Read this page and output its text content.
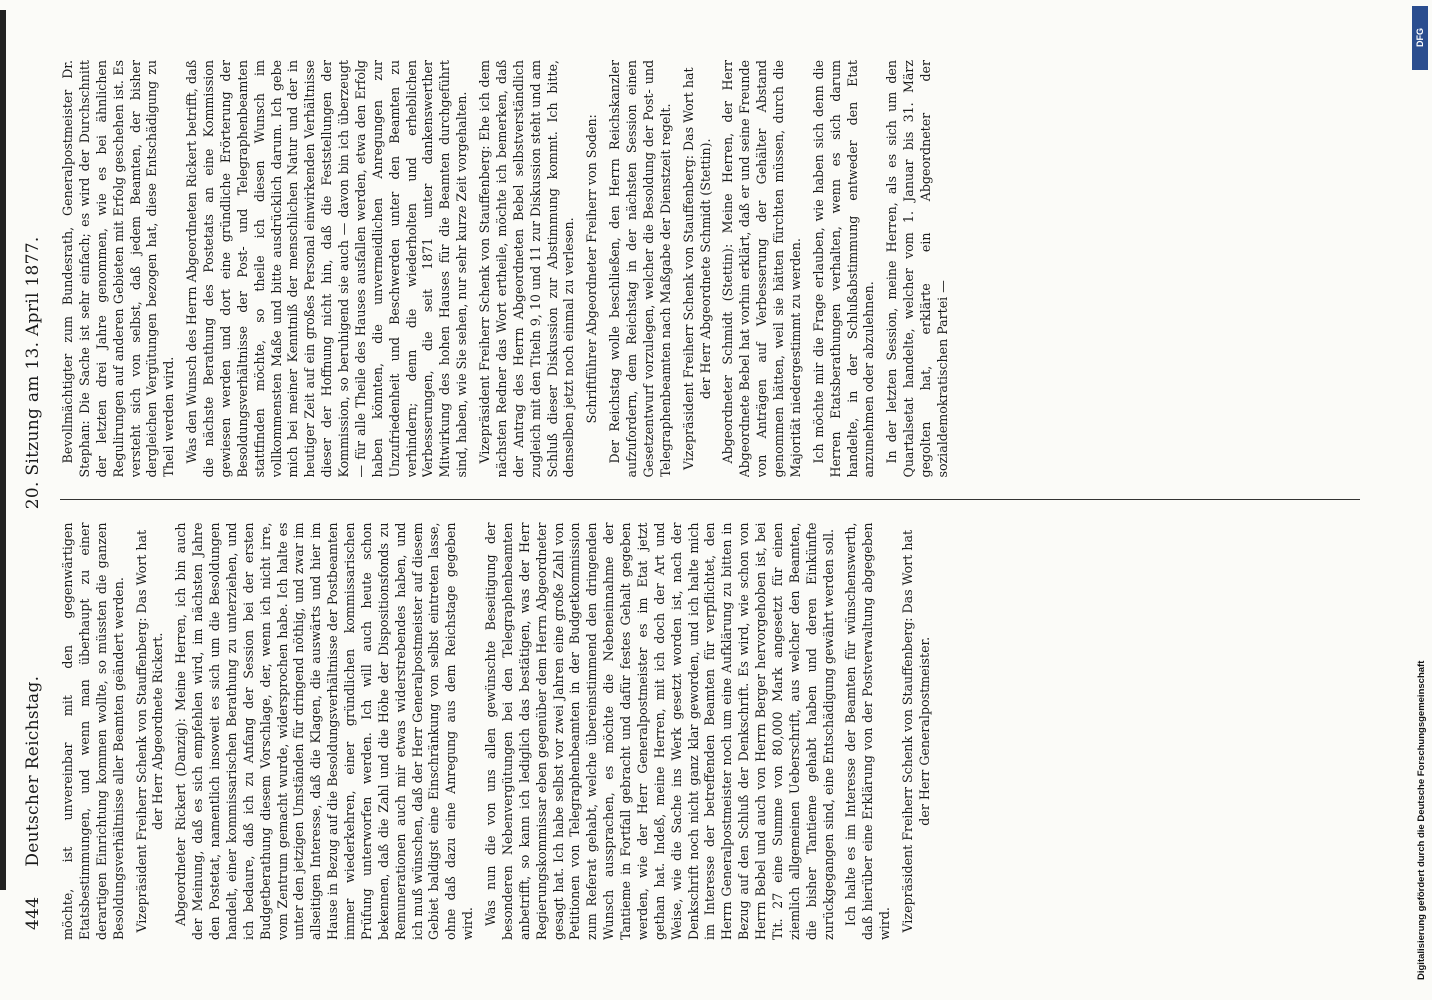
444
Deutscher Reichstag.
20. Sitzung am 13. April 1877.

möchte, ist unvereinbar mit den gegenwärtigen Etatsbestimmungen, und wenn man überhaupt zu einer derartigen Einrichtung kommen wollte, so müssten die ganzen Besoldungsverhältnisse aller Beamten geändert werden. Vizepräsident Freiherr Schenk von Stauffenberg: Das Wort hat der Herr Abgeordnete Rickert. Abgeordneter Rickert (Danzig): Meine Herren, ich bin auch der Meinung, daß es sich empfehlen wird, im nächsten Jahre den Postetat, namentlich insoweit es sich um die Besoldungen handelt, einer kommissarischen Berathung zu unterziehen, und ich bedaure, daß ich zu Anfang der Session bei der ersten Budgetberathung diesem Vorschlage, der, wenn ich nicht irre, vom Zentrum gemacht wurde, widersprochen habe. Ich halte es unter den jetzigen Umständen für dringend nöthig, und zwar im allseitigen Interesse, daß die Klagen, die auswärts und hier im Hause in Bezug auf die Besoldungsverhältnisse der Postbeamten immer wiederkehren, einer gründlichen kommissarischen Prüfung unterworfen werden. Ich will auch heute schon bekennen, daß die Zahl und die Höhe der Dispositionsfonds zu Remunerationen auch mir etwas widerstrebendes haben, und ich muß wünschen, daß der Herr Generalpostmeister auf diesem Gebiet baldigst eine Einschränkung von selbst eintreten lasse, ohne daß dazu eine Anregung aus dem Reichstage gegeben wird. Was nun die von uns allen gewünschte Beseitigung der besonderen Nebenvergütungen bei den Telegraphenbeamten anbetrifft, so kann ich lediglich das bestätigen, was der Herr Regierungskommissar eben gegenüber dem Herrn Abgeordneter gesagt hat. Ich habe selbst vor zwei Jahren eine große Zahl von Petitionen von Telegraphenbeamten in der Budgetkommission zum Referat gehabt, welche übereinstimmend den dringenden Wunsch aussprachen, es möchte die Nebeneinnahme der Tantieme in Fortfall gebracht und dafür festes Gehalt gegeben werden, wie der Herr Generalpostmeister es im Etat jetzt gethan hat. Indeß, meine Herren, mit ich doch der Art und Weise, wie die Sache ins Werk gesetzt worden ist, nach der Denkschrift noch nicht ganz klar geworden, und ich halte mich im Interesse der betreffenden Beamten für verpflichtet, den Herrn Generalpostmeister noch um eine Aufklärung zu bitten in Bezug auf den Schluß der Denkschrift. Es wird, wie schon von Herrn Bebel und auch von Herrn Berger hervorgehoben ist, bei Tit. 27 eine Summe von 80,000 Mark angesetzt für einen ziemlich allgemeinen Ueberschrift, aus welcher den Beamten, die bisher Tantieme gehabt haben und deren Einkünfte zurückgegangen sind, eine Entschädigung gewährt werden soll. Ich halte es im Interesse der Beamten für wünschenswerth, daß hierüber eine Erklärung von der Postverwaltung abgegeben wird. Vizepräsident Freiherr Schenk von Stauffenberg: Das Wort hat der Herr Generalpostmeister.

Bevollmächtigter zum Bundesrath, Generalpostmeister Dr. Stephan: Die Sache ist sehr einfach; es wird der Durchschnitt der letzten drei Jahre genommen, wie es bei ähnlichen Regulirungen auf anderen Gebieten mit Erfolg geschehen ist. Es versteht sich von selbst, daß jedem Beamten, der bisher dergleichen Vergütungen bezogen hat, diese Entschädigung zu Theil werden wird. Was den Wunsch des Herrn Abgeordneten Rickert betrifft, daß die nächste Berathung des Postetats an eine Kommission gewiesen werden und dort eine gründliche Erörterung der Besoldungsverhältnisse der Post- und Telegraphenbeamten stattfinden möchte, so theile ich diesen Wunsch im vollkommensten Maße und bitte ausdrücklich darum. Ich gebe mich bei meiner Kenntniß der menschlichen Natur und der in heutiger Zeit auf ein großes Personal einwirkenden Verhältnisse dieser der Hoffnung nicht hin, daß die Feststellungen der Kommission, so beruhigend sie auch — davon bin ich überzeugt — für alle Theile des Hauses ausfallen werden, etwa den Erfolg haben könnten, die unvermeidlichen Anregungen zur Unzufriedenheit und Beschwerden unter den Beamten zu verhindern; denn die wiederholten und erheblichen Verbesserungen, die seit 1871 unter dankenswerther Mitwirkung des hohen Hauses für die Beamten durchgeführt sind, haben, wie Sie sehen, nur sehr kurze Zeit vorgehalten. Vizepräsident Freiherr Schenk von Stauffenberg: Ehe ich dem nächsten Redner das Wort ertheile, möchte ich bemerken, daß der Antrag des Herrn Abgeordneten Bebel selbstverständlich zugleich mit den Titeln 9, 10 und 11 zur Diskussion steht und am Schluß dieser Diskussion zur Abstimmung kommt. Ich bitte, denselben jetzt noch einmal zu verlesen. Schriftführer Abgeordneter Freiherr von Soden: Der Reichstag wolle beschließen, den Herrn Reichskanzler aufzufordern, dem Reichstag in der nächsten Session einen Gesetzentwurf vorzulegen, welcher die Besoldung der Post- und Telegraphenbeamten nach Maßgabe der Dienstzeit regelt. Vizepräsident Freiherr Schenk von Stauffenberg: Das Wort hat der Herr Abgeordnete Schmidt (Stettin). Abgeordneter Schmidt (Stettin): Meine Herren, der Herr Abgeordnete Bebel hat vorhin erklärt, daß er und seine Freunde von Anträgen auf Verbesserung der Gehälter Abstand genommen hätten, weil sie hätten fürchten müssen, durch die Majorität niedergestimmt zu werden. Ich möchte mir die Frage erlauben, wie haben sich denn die Herren Etatsberathungen verhalten, wenn es sich darum handelte, in der Schlußabstimmung entweder den Etat anzunehmen oder abzulehnen. In der letzten Session, meine Herren, als es sich um den Quartalsetat handelte, welcher vom 1. Januar bis 31. März gegolten hat, erklärte ein Abgeordneter der sozialdemokratischen Partei —

DFG
Digitalisierung gefördert durch die Deutsche Forschungsgemeinschaft
